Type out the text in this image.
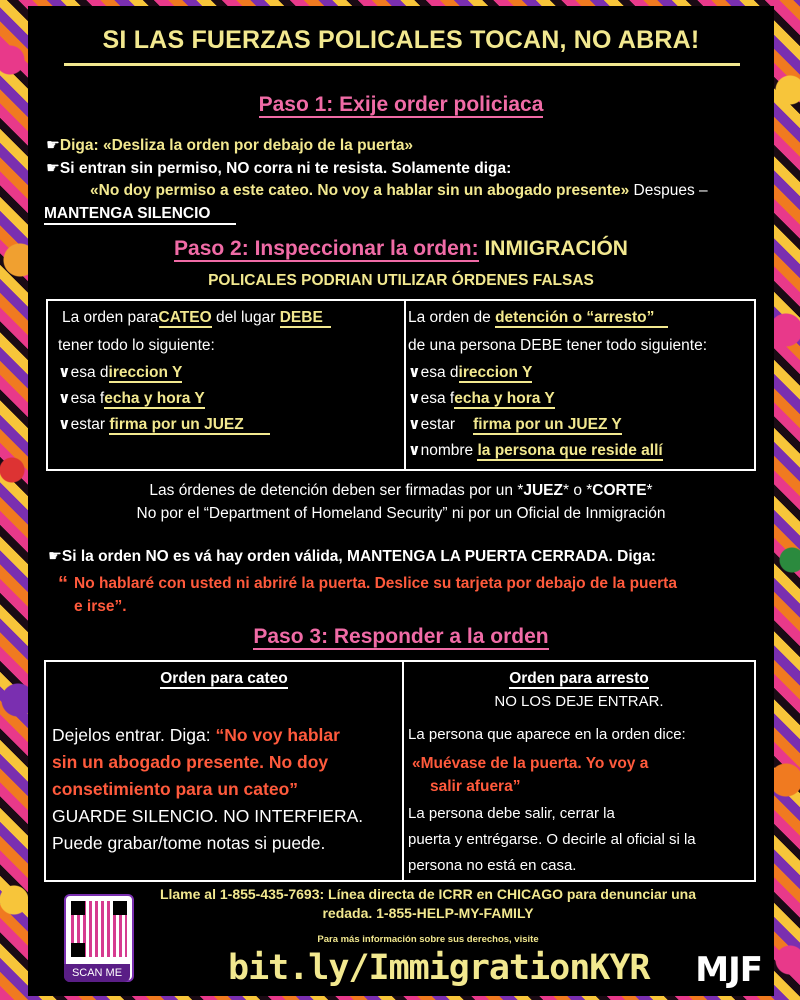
SI LAS FUERZAS POLICALES TOCAN, NO ABRA!
Paso 1: Exije order policiaca
☛Diga: «Desliza la orden por debajo de la puerta»
☛Si entran sin permiso, NO corra ni te resista. Solamente diga:
«No doy permiso a este cateo. No voy a hablar sin un abogado presente» Despues –
MANTENGA SILENCIO
Paso 2: Inspeccionar la orden: INMIGRACIÓN
POLICALES PODRIAN UTILIZAR ÓRDENES FALSAS
La orden paraCATEO del lugar DEBE
tener todo lo siguiente:
∨esa direccion Y
∨esa fecha y hora Y
∨estar firma por un JUEZ
La orden de detención o “arresto”
de una persona DEBE tener todo siguiente:
∨esa direccion Y
∨esa fecha y hora Y
∨estar firma por un JUEZ Y
∨nombre la persona que reside allí
Las órdenes de detención deben ser firmadas por un *JUEZ* o *CORTE*
No por el “Department of Homeland Security” ni por un Oficial de Inmigración
☛Si la orden NO es vá hay orden válida, MANTENGA LA PUERTA CERRADA. Diga:
“ No hablaré con usted ni abriré la puerta. Deslice su tarjeta por debajo de la puerta
e irse”.
Paso 3: Responder a la orden
Orden para cateo
Dejelos entrar. Diga: “No voy hablar
sin un abogado presente. No doy
consetimiento para un cateo”
GUARDE SILENCIO. NO INTERFIERA.
Puede grabar/tome notas si puede.
Orden para arresto
NO LOS DEJE ENTRAR.
La persona que aparece en la orden dice:
«Muévase de la puerta. Yo voy a
salir afuera”
La persona debe salir, cerrar la
puerta y entrégarse. O decirle al oficial si la
persona no está en casa.
Llame al 1-855-435-7693: Línea directa de ICRR en CHICAGO para denunciar una
redada. 1-855-HELP-MY-FAMILY
Para más información sobre sus derechos, visite
SCAN ME	bit.ly/ImmigrationKYR MJF
